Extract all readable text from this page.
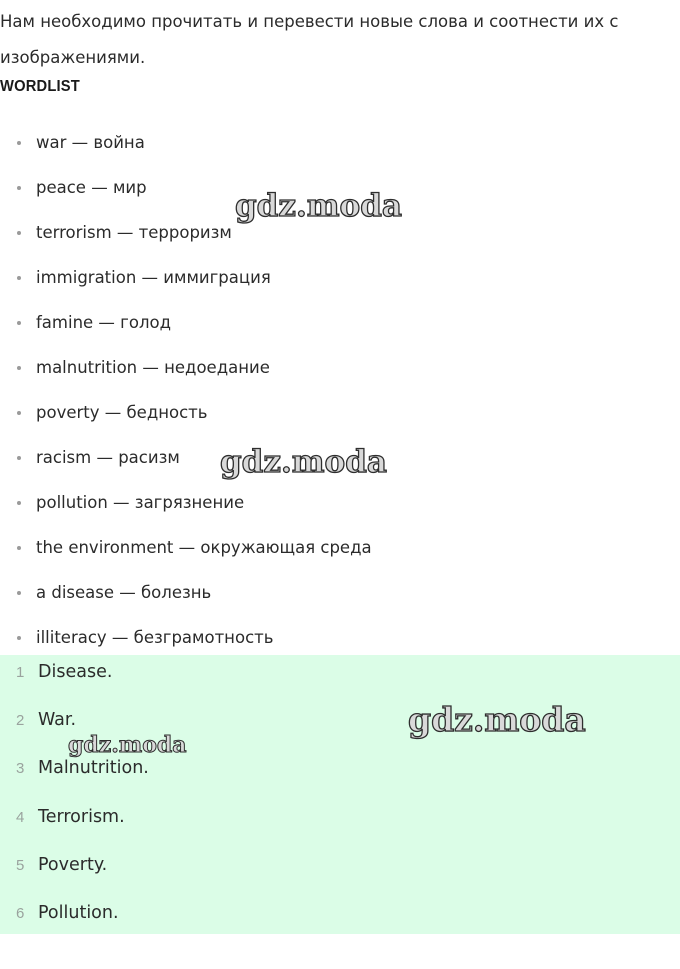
Нам необходимо прочитать и перевести новые слова и соотнести их с изображениями.

WORDLIST
war — война
peace — мир
terrorism — терроризм
immigration — иммиграция
famine — голод
malnutrition — недоедание
poverty — бедность
racism — расизм
pollution — загрязнение
the environment — окружающая среда
a disease — болезнь
illiteracy — безграмотность
1 Disease.
2 War.
3 Malnutrition.
4 Terrorism.
5 Poverty.
6 Pollution.
gdz.moda
gdz.moda
gdz.moda
gdz.moda
